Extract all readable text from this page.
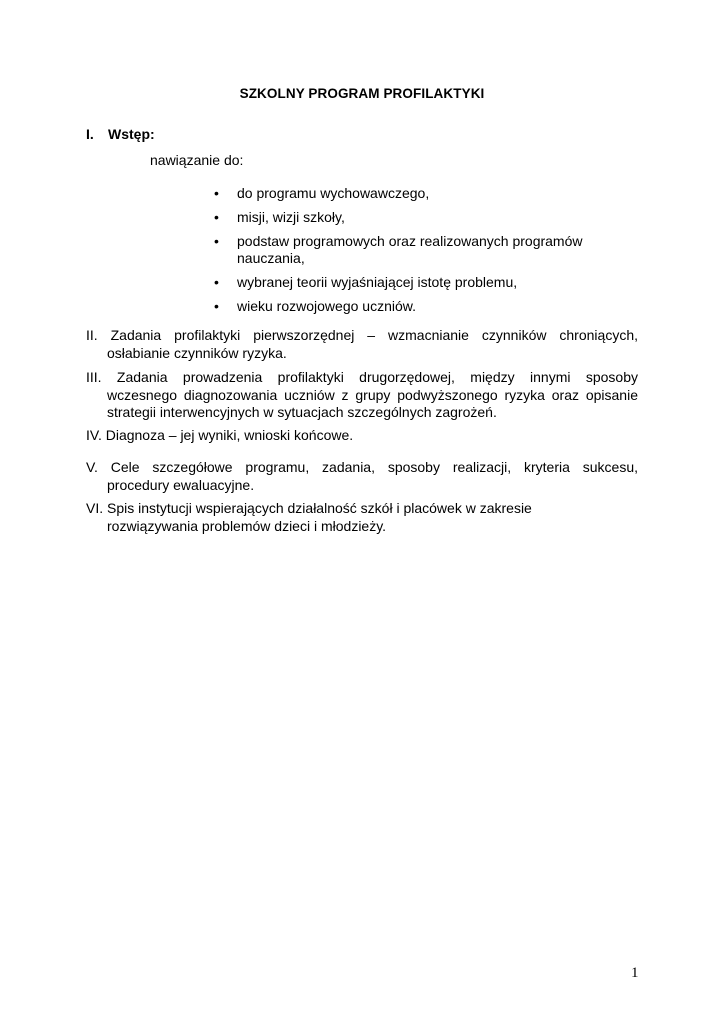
SZKOLNY PROGRAM PROFILAKTYKI
I. Wstęp:
nawiązanie do:
• do programu wychowawczego,
• misji, wizji szkoły,
• podstaw programowych oraz realizowanych programów nauczania,
• wybranej teorii wyjaśniającej istotę problemu,
• wieku rozwojowego uczniów.
II. Zadania profilaktyki pierwszorzędnej – wzmacnianie czynników chroniących,
osłabianie czynników ryzyka.
III. Zadania prowadzenia profilaktyki drugorzędowej, między innymi sposoby
wczesnego diagnozowania uczniów z grupy podwyższonego ryzyka oraz opisanie strategii interwencyjnych w sytuacjach szczególnych zagrożeń.
IV. Diagnoza – jej wyniki, wnioski końcowe.
V. Cele szczegółowe programu, zadania, sposoby realizacji, kryteria sukcesu,
procedury ewaluacyjne.
VI. Spis instytucji wspierających działalność szkół i placówek w zakresie
rozwiązywania problemów dzieci i młodzieży.
1
